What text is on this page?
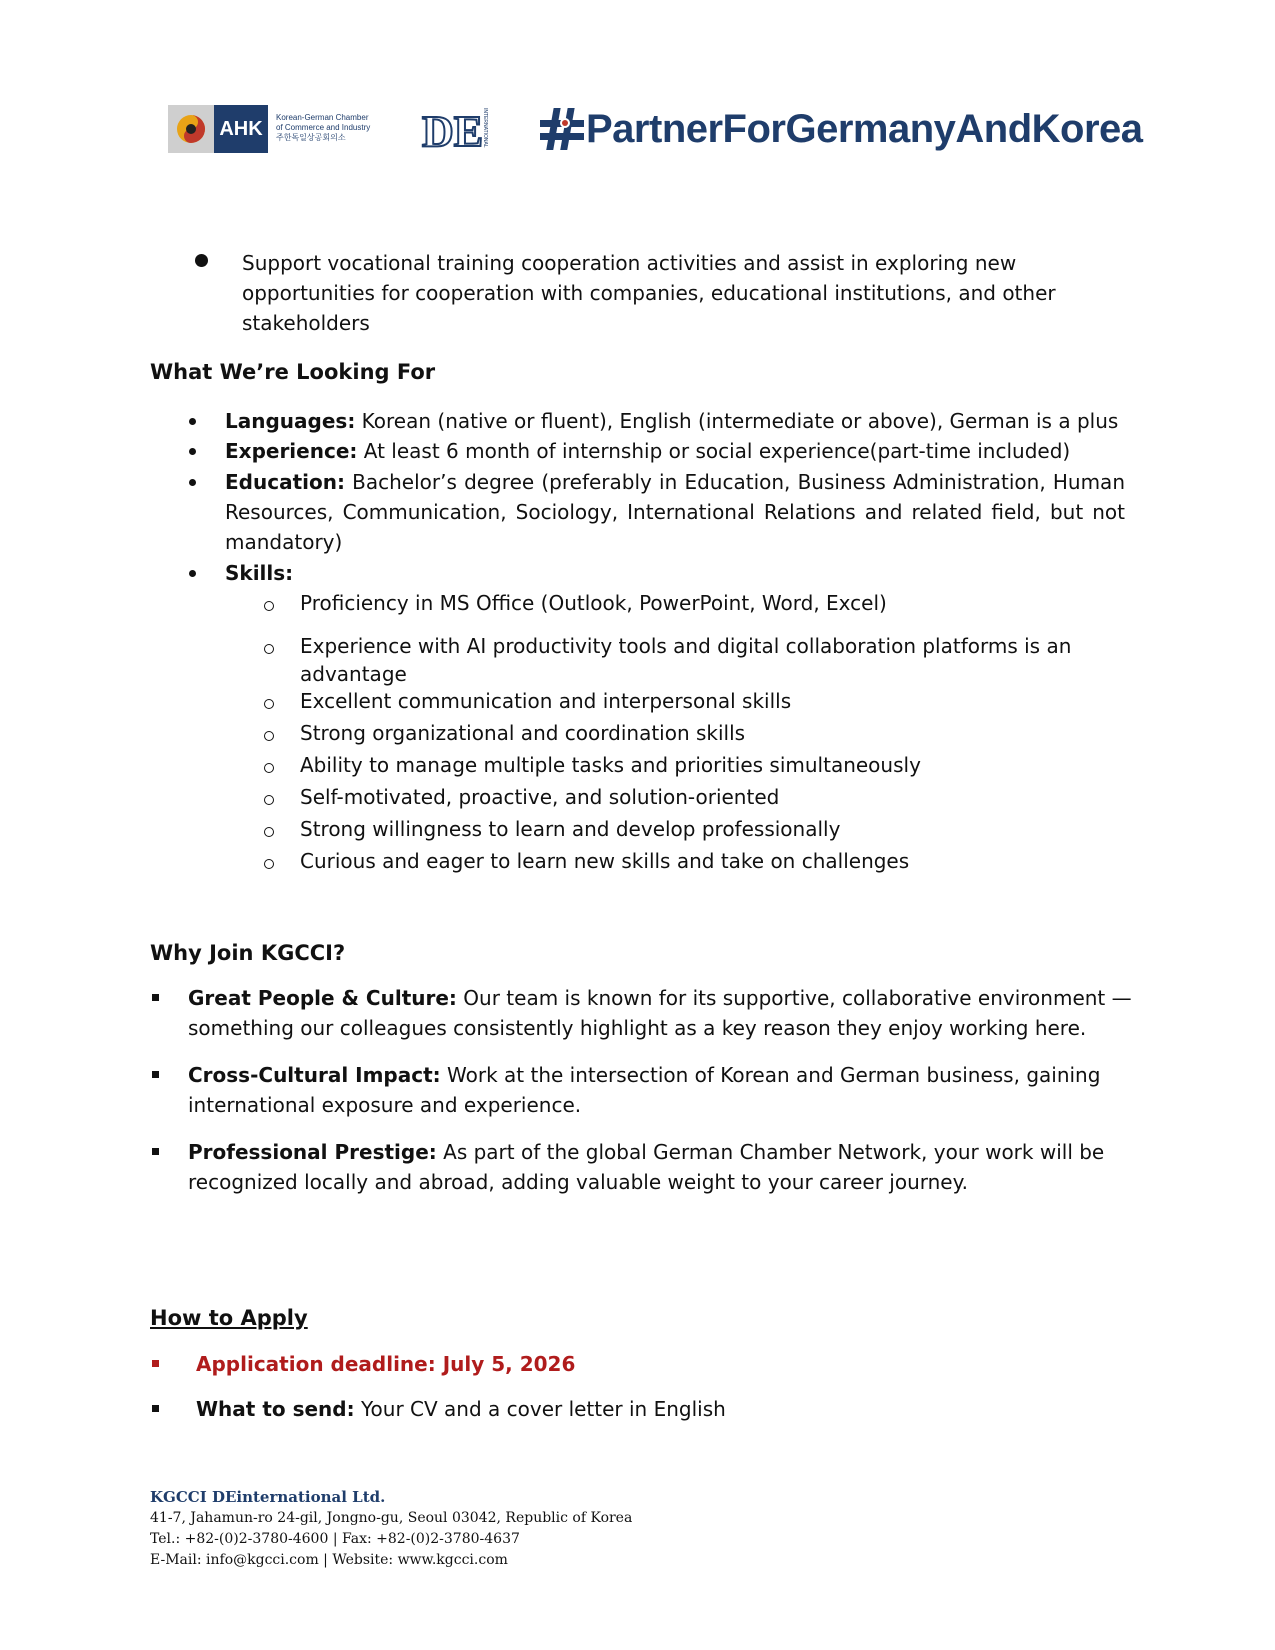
AHK	Korean-German Chamber
of Commerce and Industry
주한독일상공회의소	DE
INTERNATIONAL PartnerForGermanyAndKorea
Support vocational training cooperation activities and assist in exploring new
opportunities for cooperation with companies, educational institutions, and other
stakeholders
What We’re Looking For
Languages: Korean (native or fluent), English (intermediate or above), German is a plus
Experience: At least 6 month of internship or social experience(part-time included)
Education: Bachelor’s degree (preferably in Education, Business Administration, Human Resources, Communication, Sociology, International Relations and related field, but not mandatory)
Skills:
Proficiency in MS Office (Outlook, PowerPoint, Word, Excel)
Experience with AI productivity tools and digital collaboration platforms is an
advantage
Excellent communication and interpersonal skills
Strong organizational and coordination skills
Ability to manage multiple tasks and priorities simultaneously
Self-motivated, proactive, and solution-oriented
Strong willingness to learn and develop professionally
Curious and eager to learn new skills and take on challenges
Why Join KGCCI?
Great People & Culture: Our team is known for its supportive, collaborative environment —
something our colleagues consistently highlight as a key reason they enjoy working here.
Cross-Cultural Impact: Work at the intersection of Korean and German business, gaining
international exposure and experience.
Professional Prestige: As part of the global German Chamber Network, your work will be
recognized locally and abroad, adding valuable weight to your career journey.
How to Apply
Application deadline: July 5, 2026
What to send: Your CV and a cover letter in English
KGCCI DEinternational Ltd.
41-7, Jahamun-ro 24-gil, Jongno-gu, Seoul 03042, Republic of Korea
Tel.: +82-(0)2-3780-4600 | Fax: +82-(0)2-3780-4637
E-Mail: info@kgcci.com | Website: www.kgcci.com
